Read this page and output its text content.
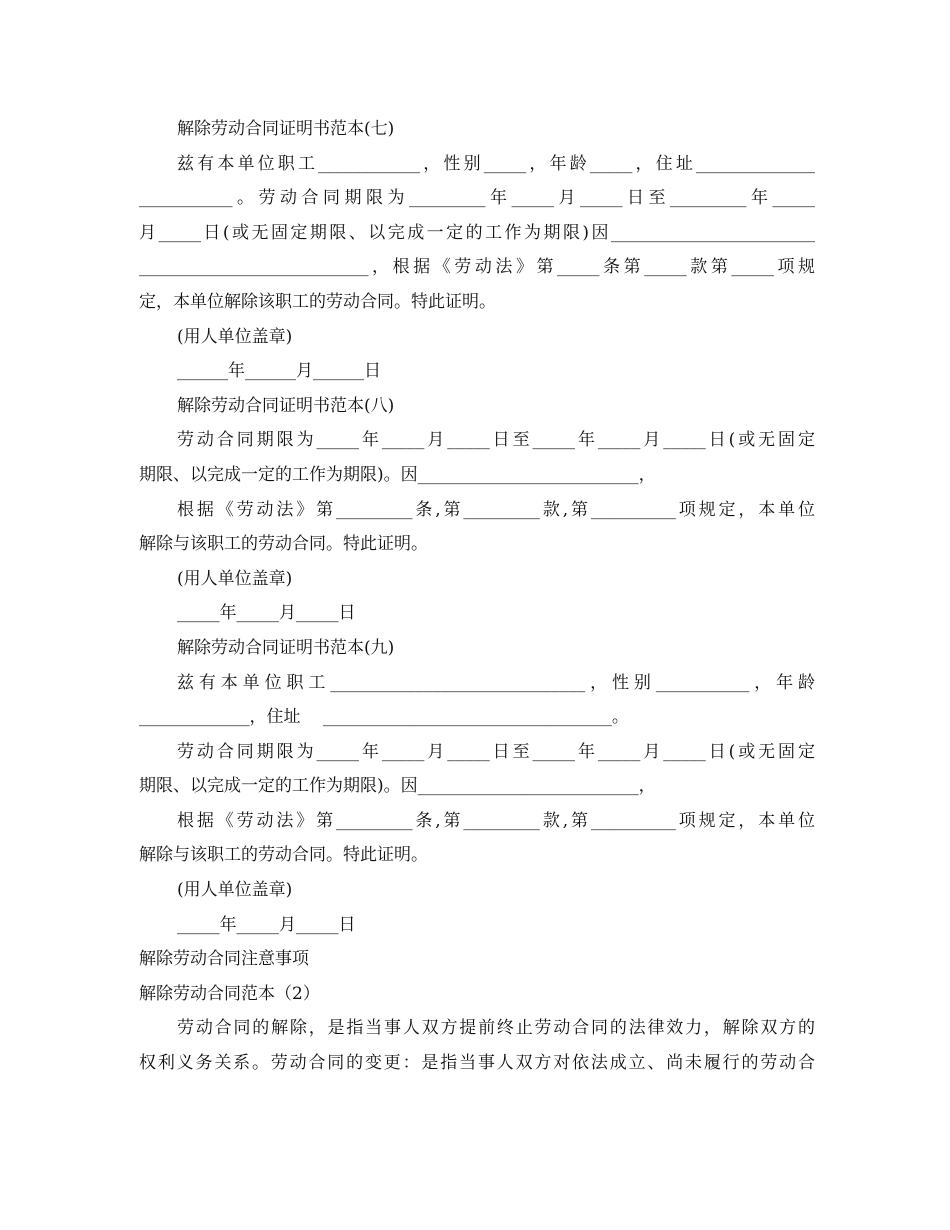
解除劳动合同证明书范本(七)
兹有本单位职工____________，性别_____，年龄_____，住址______________
___________。劳动合同期限为_________年_____月_____日至_________年_____
月_____日(或无固定期限、以完成一定的工作为期限)因________________________
___________________________，根据《劳动法》第_____条第_____款第_____项规
定，本单位解除该职工的劳动合同。特此证明。
(用人单位盖章)
______年______月______日
解除劳动合同证明书范本(八)
劳动合同期限为_____年_____月_____日至_____年_____月_____日(或无固定
期限、以完成一定的工作为期限)。因__________________________，
根据《劳动法》第_________条,第_________款,第__________项规定，本单位
解除与该职工的劳动合同。特此证明。
(用人单位盖章)
_____年_____月_____日
解除劳动合同证明书范本(九)
兹有本单位职工______________________________，性别___________，年龄
_____________，住址　 __________________________________。
劳动合同期限为_____年_____月_____日至_____年_____月_____日(或无固定
期限、以完成一定的工作为期限)。因__________________________，
根据《劳动法》第_________条,第_________款,第__________项规定，本单位
解除与该职工的劳动合同。特此证明。
(用人单位盖章)
_____年_____月_____日
解除劳动合同注意事项
解除劳动合同范本（2）
劳动合同的解除，是指当事人双方提前终止劳动合同的法律效力，解除双方的
权利义务关系。劳动合同的变更：是指当事人双方对依法成立、尚未履行的劳动合
